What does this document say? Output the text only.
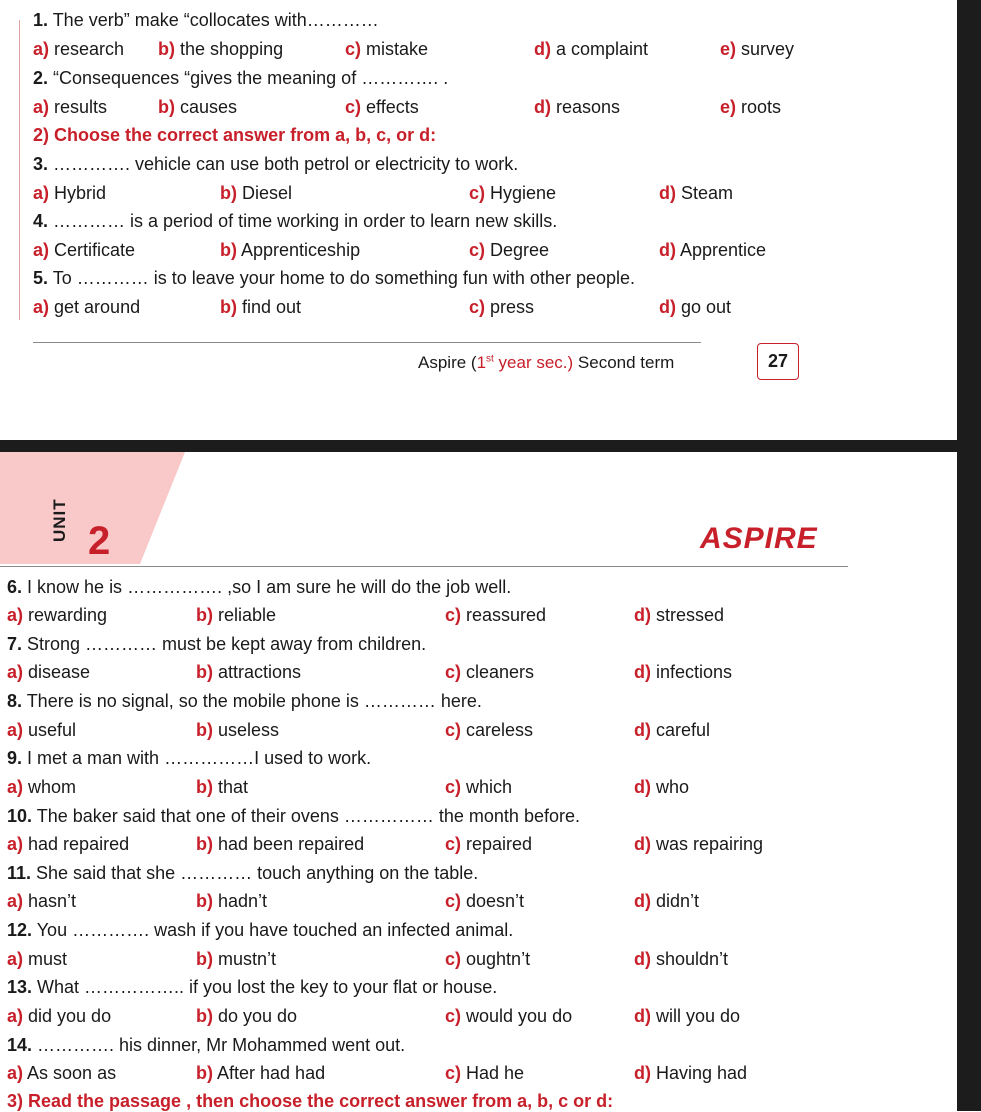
1. The verb” make “collocates with…………
a) research b) the shopping	c) mistake	d) a complaint	e) survey
2. “Consequences “gives the meaning of …………. .
a) results	b) causes	c) effects	d) reasons	e) roots
2) Choose the correct answer from a, b, c, or d:
3. …………. vehicle can use both petrol or electricity to work.
a) Hybrid	b) Diesel	c) Hygiene	d) Steam
4. ………… is a period of time working in order to learn new skills.
a) Certificate	b) Apprenticeship	c) Degree	d) Apprentice
5. To ………… is to leave your home to do something fun with other people.
a) get around	b) find out	c) press	d) go out
Aspire (1st year sec.) Second term	27
UNIT 2	ASPIRE
6. I know he is ……………. ,so I am sure he will do the job well.
a) rewarding	b) reliable	c) reassured	d) stressed
7. Strong ………… must be kept away from children.
a) disease	b) attractions	c) cleaners	d) infections
8. There is no signal, so the mobile phone is ………… here.
a) useful	b) useless	c) careless	d) careful
9. I met a man with ……………I used to work.
a) whom	b) that	c) which	d) who
10. The baker said that one of their ovens …………… the month before.
a) had repaired	b) had been repaired	c) repaired	d) was repairing
11. She said that she ………… touch anything on the table.
a) hasn’t	b) hadn’t	c) doesn’t	d) didn’t
12. You …………. wash if you have touched an infected animal.
a) must	b) mustn’t	c) oughtn’t	d) shouldn’t
13. What …………….. if you lost the key to your flat or house.
a) did you do	b) do you do	c) would you do	d) will you do
14. …………. his dinner, Mr Mohammed went out.
a) As soon as	b) After had had	c) Had he	d) Having had
3) Read the passage , then choose the correct answer from a, b, c or d:
